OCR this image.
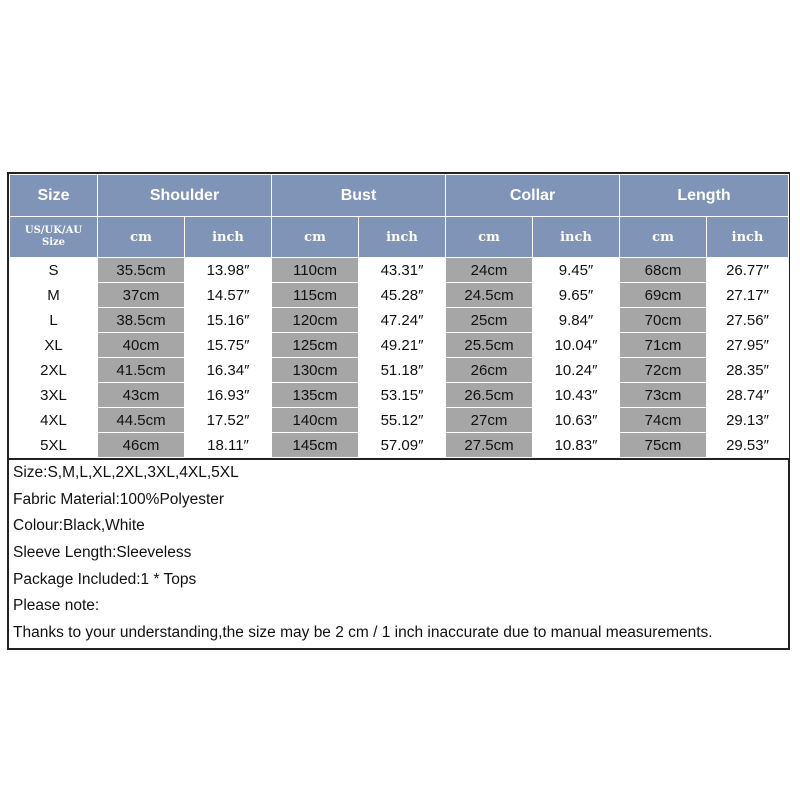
Size	Shoulder		Bust		Collar		Length	

US/UK/AU
Size	cm	inch	cm	inch	cm	inch	cm	inch
S	35.5cm	13.98″	110cm	43.31″	24cm	9.45″	68cm	26.77″
M	37cm	14.57″	115cm	45.28″	24.5cm	9.65″	69cm	27.17″
L	38.5cm	15.16″	120cm	47.24″	25cm	9.84″	70cm	27.56″
XL	40cm	15.75″	125cm	49.21″	25.5cm	10.04″	71cm	27.95″
2XL	41.5cm	16.34″	130cm	51.18″	26cm	10.24″	72cm	28.35″
3XL	43cm	16.93″	135cm	53.15″	26.5cm	10.43″	73cm	28.74″
4XL	44.5cm	17.52″	140cm	55.12″	27cm	10.63″	74cm	29.13″
5XL	46cm	18.11″	145cm	57.09″	27.5cm	10.83″	75cm	29.53″
Size:S,M,L,XL,2XL,3XL,4XL,5XL
Fabric Material:100%Polyester
Colour:Black,White
Sleeve Length:Sleeveless
Package Included:1 * Tops
Please note:
Thanks to your understanding,the size may be 2 cm / 1 inch inaccurate due to manual measurements.
